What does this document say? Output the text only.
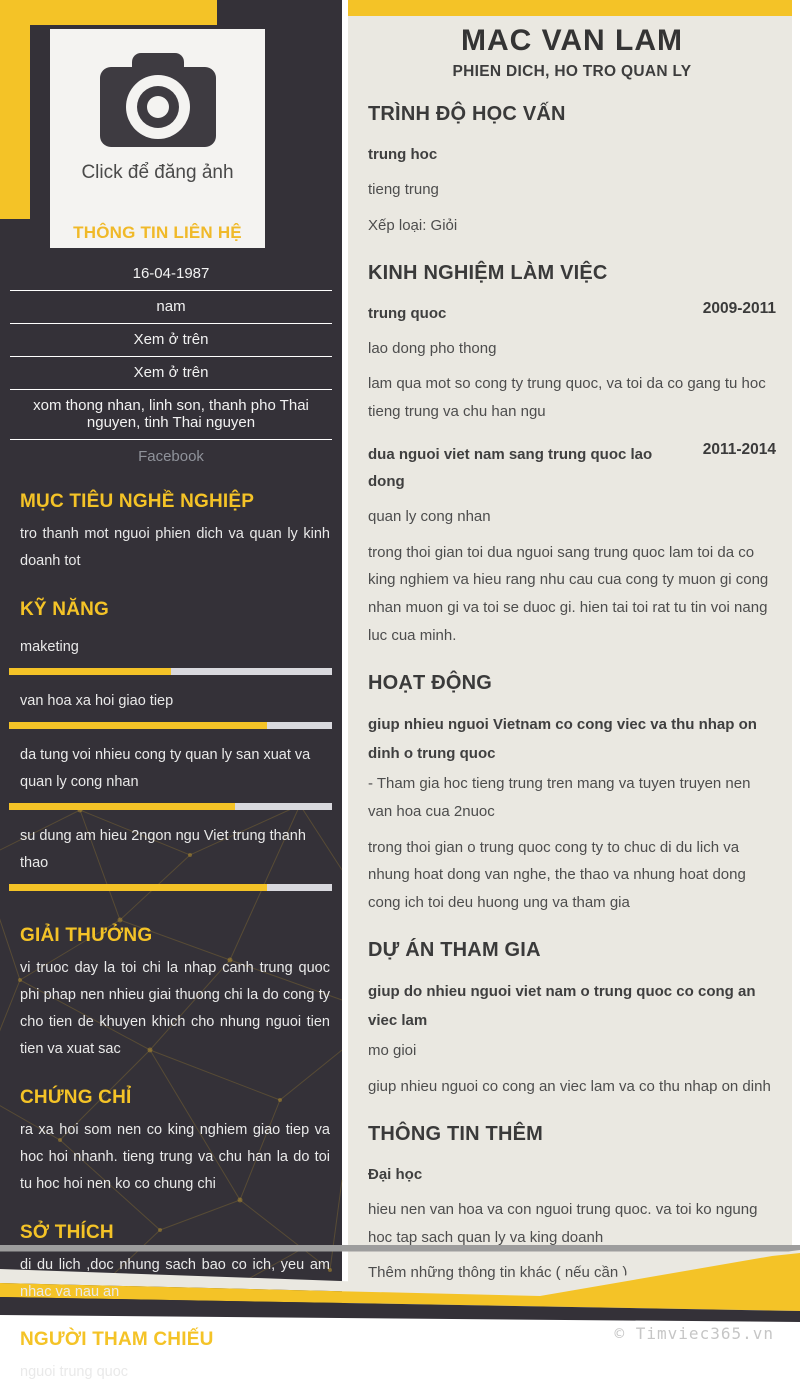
Click để đăng ảnh
THÔNG TIN LIÊN HỆ
16-04-1987
nam
Xem ở trên
Xem ở trên
xom thong nhan, linh son, thanh pho Thai nguyen, tinh Thai nguyen
Facebook
MỤC TIÊU NGHỀ NGHIỆP
tro thanh mot nguoi phien dich va quan ly kinh doanh tot
KỸ NĂNG
maketing
van hoa xa hoi giao tiep
da tung voi nhieu cong ty quan ly san xuat va quan ly cong nhan
su dung am hieu 2ngon ngu Viet trung thanh thao
GIẢI THƯỞNG
vi truoc day la toi chi la nhap canh trung quoc phi phap nen nhieu giai thuong chi la do cong ty cho tien de khuyen khich cho nhung nguoi tien tien va xuat sac
CHỨNG CHỈ
ra xa hoi som nen co king nghiem giao tiep va hoc hoi nhanh. tieng trung va chu han la do toi tu hoc hoi nen ko co chung chi
SỞ THÍCH
di du lich ,doc nhung sach bao co ich, yeu am nhac va nau an
NGƯỜI THAM CHIẾU
nguoi trung quoc
MAC VAN LAM
PHIEN DICH, HO TRO QUAN LY
TRÌNH ĐỘ HỌC VẤN
trung hoc
tieng trung
Xếp loại: Giỏi
KINH NGHIỆM LÀM VIỆC
trung quoc	2009-2011
lao dong pho thong
lam qua mot so cong ty trung quoc, va toi da co gang tu hoc tieng trung va chu han ngu
dua nguoi viet nam sang trung quoc lao dong
2011-2014
quan ly cong nhan
trong thoi gian toi dua nguoi sang trung quoc lam toi da co king nghiem va hieu rang nhu cau cua cong ty muon gi cong nhan muon gi va toi se duoc gi. hien tai toi rat tu tin voi nang luc cua minh.
HOẠT ĐỘNG
giup nhieu nguoi Vietnam co cong viec va thu nhap on dinh o trung quoc
- Tham gia hoc tieng trung tren mang va tuyen truyen nen van hoa cua 2nuoc
trong thoi gian o trung quoc cong ty to chuc di du lich va nhung hoat dong van nghe, the thao va nhung hoat dong cong ich toi deu huong ung va tham gia
DỰ ÁN THAM GIA
giup do nhieu nguoi viet nam o trung quoc co cong an viec lam
mo gioi
giup nhieu nguoi co cong an viec lam va co thu nhap on dinh
THÔNG TIN THÊM
Đại học
hieu nen van hoa va con nguoi trung quoc. va toi ko ngung hoc tap sach quan ly va king doanh
Thêm những thông tin khác ( nếu cần )
© Timviec365.vn
